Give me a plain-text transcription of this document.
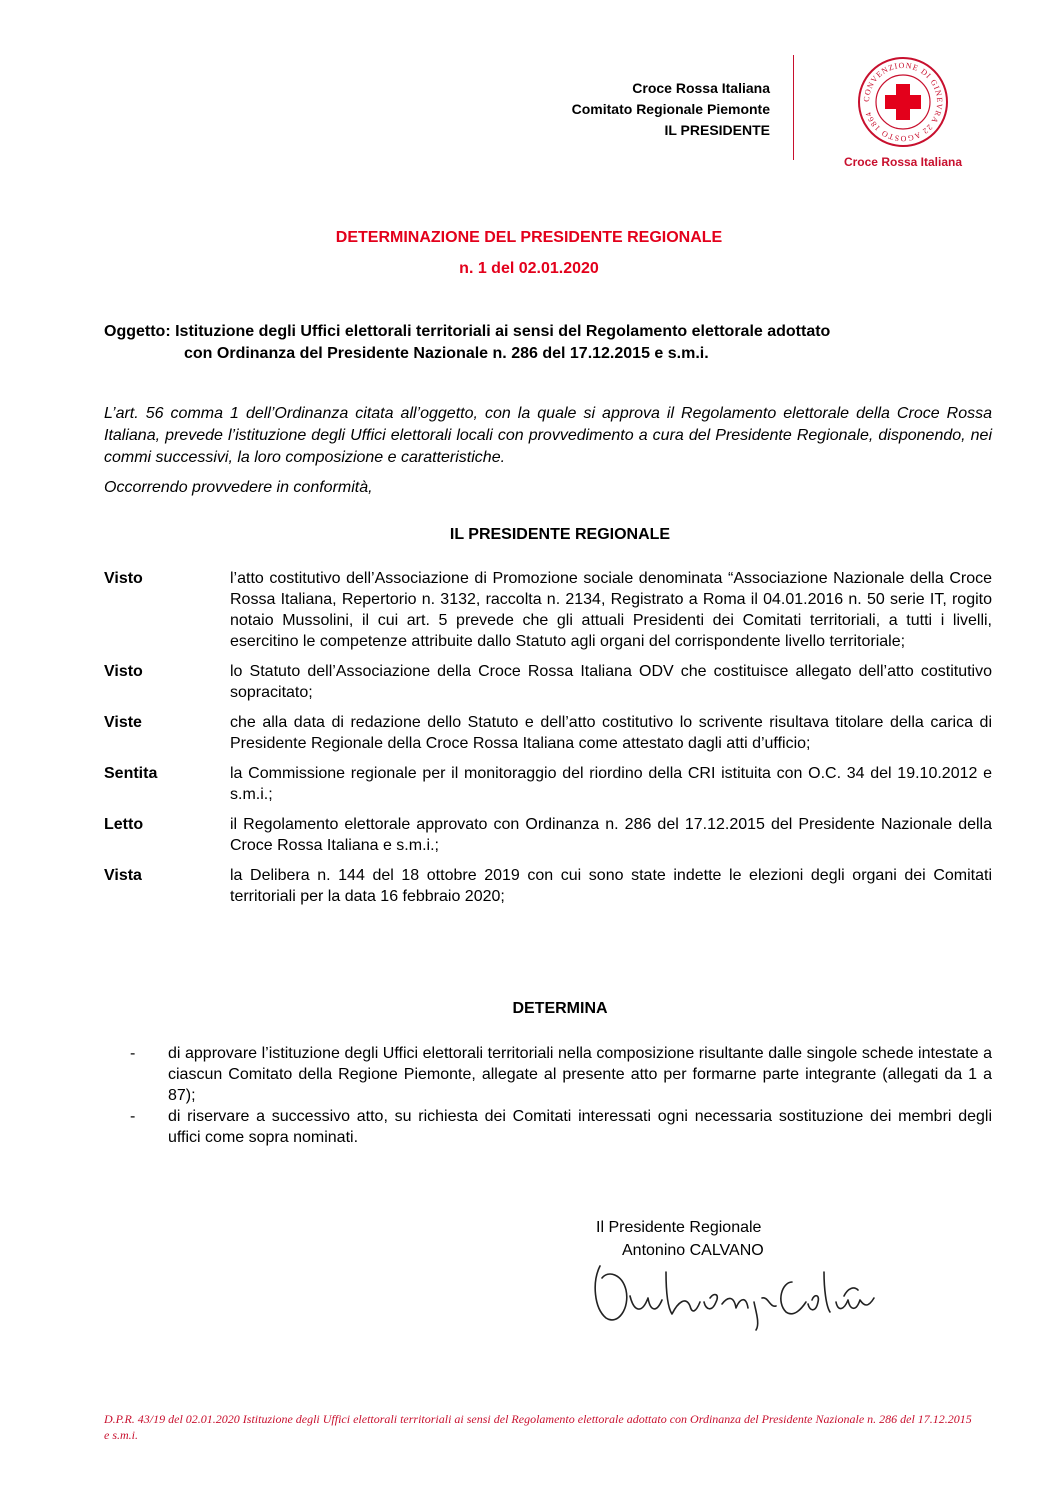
Croce Rossa Italiana
Comitato Regionale Piemonte
IL PRESIDENTE
CONVENZIONE DI GINEVRA 22 AGOSTO 1864
Croce Rossa Italiana
DETERMINAZIONE DEL PRESIDENTE REGIONALE
n. 1 del 02.01.2020
Oggetto: Istituzione degli Uffici elettorali territoriali ai sensi del Regolamento elettorale adottato
con Ordinanza del Presidente Nazionale n. 286 del 17.12.2015 e s.m.i.
L’art. 56 comma 1 dell’Ordinanza citata all’oggetto, con la quale si approva il Regolamento elettorale della Croce Rossa Italiana, prevede l’istituzione degli Uffici elettorali locali con provvedimento a cura del Presidente Regionale, disponendo, nei commi successivi, la loro composizione e caratteristiche.
Occorrendo provvedere in conformità,
IL PRESIDENTE REGIONALE
Visto	l’atto costitutivo dell’Associazione di Promozione sociale denominata “Associazione Nazionale della Croce Rossa Italiana, Repertorio n. 3132, raccolta n. 2134, Registrato a Roma il 04.01.2016 n. 50 serie IT, rogito notaio Mussolini, il cui art. 5 prevede che gli attuali Presidenti dei Comitati territoriali, a tutti i livelli, esercitino le competenze attribuite dallo Statuto agli organi del corrispondente livello territoriale;
Visto	lo Statuto dell’Associazione della Croce Rossa Italiana ODV che costituisce allegato dell’atto costitutivo sopracitato;
Viste	che alla data di redazione dello Statuto e dell’atto costitutivo lo scrivente risultava titolare della carica di Presidente Regionale della Croce Rossa Italiana come attestato dagli atti d’ufficio;
Sentita	la Commissione regionale per il monitoraggio del riordino della CRI istituita con O.C. 34 del 19.10.2012 e s.m.i.;
Letto	il Regolamento elettorale approvato con Ordinanza n. 286 del 17.12.2015 del Presidente Nazionale della Croce Rossa Italiana e s.m.i.;
Vista	la Delibera n. 144 del 18 ottobre 2019 con cui sono state indette le elezioni degli organi dei Comitati territoriali per la data 16 febbraio 2020;
DETERMINA
-	di approvare l’istituzione degli Uffici elettorali territoriali nella composizione risultante dalle singole schede intestate a ciascun Comitato della Regione Piemonte, allegate al presente atto per formarne parte integrante (allegati da 1 a 87);
-	di riservare a successivo atto, su richiesta dei Comitati interessati ogni necessaria sostituzione dei membri degli uffici come sopra nominati.
Il Presidente Regionale
Antonino CALVANO
D.P.R. 43/19 del 02.01.2020 Istituzione degli Uffici elettorali territoriali ai sensi del Regolamento elettorale adottato con Ordinanza del Presidente Nazionale n. 286 del 17.12.2015 e s.m.i.
